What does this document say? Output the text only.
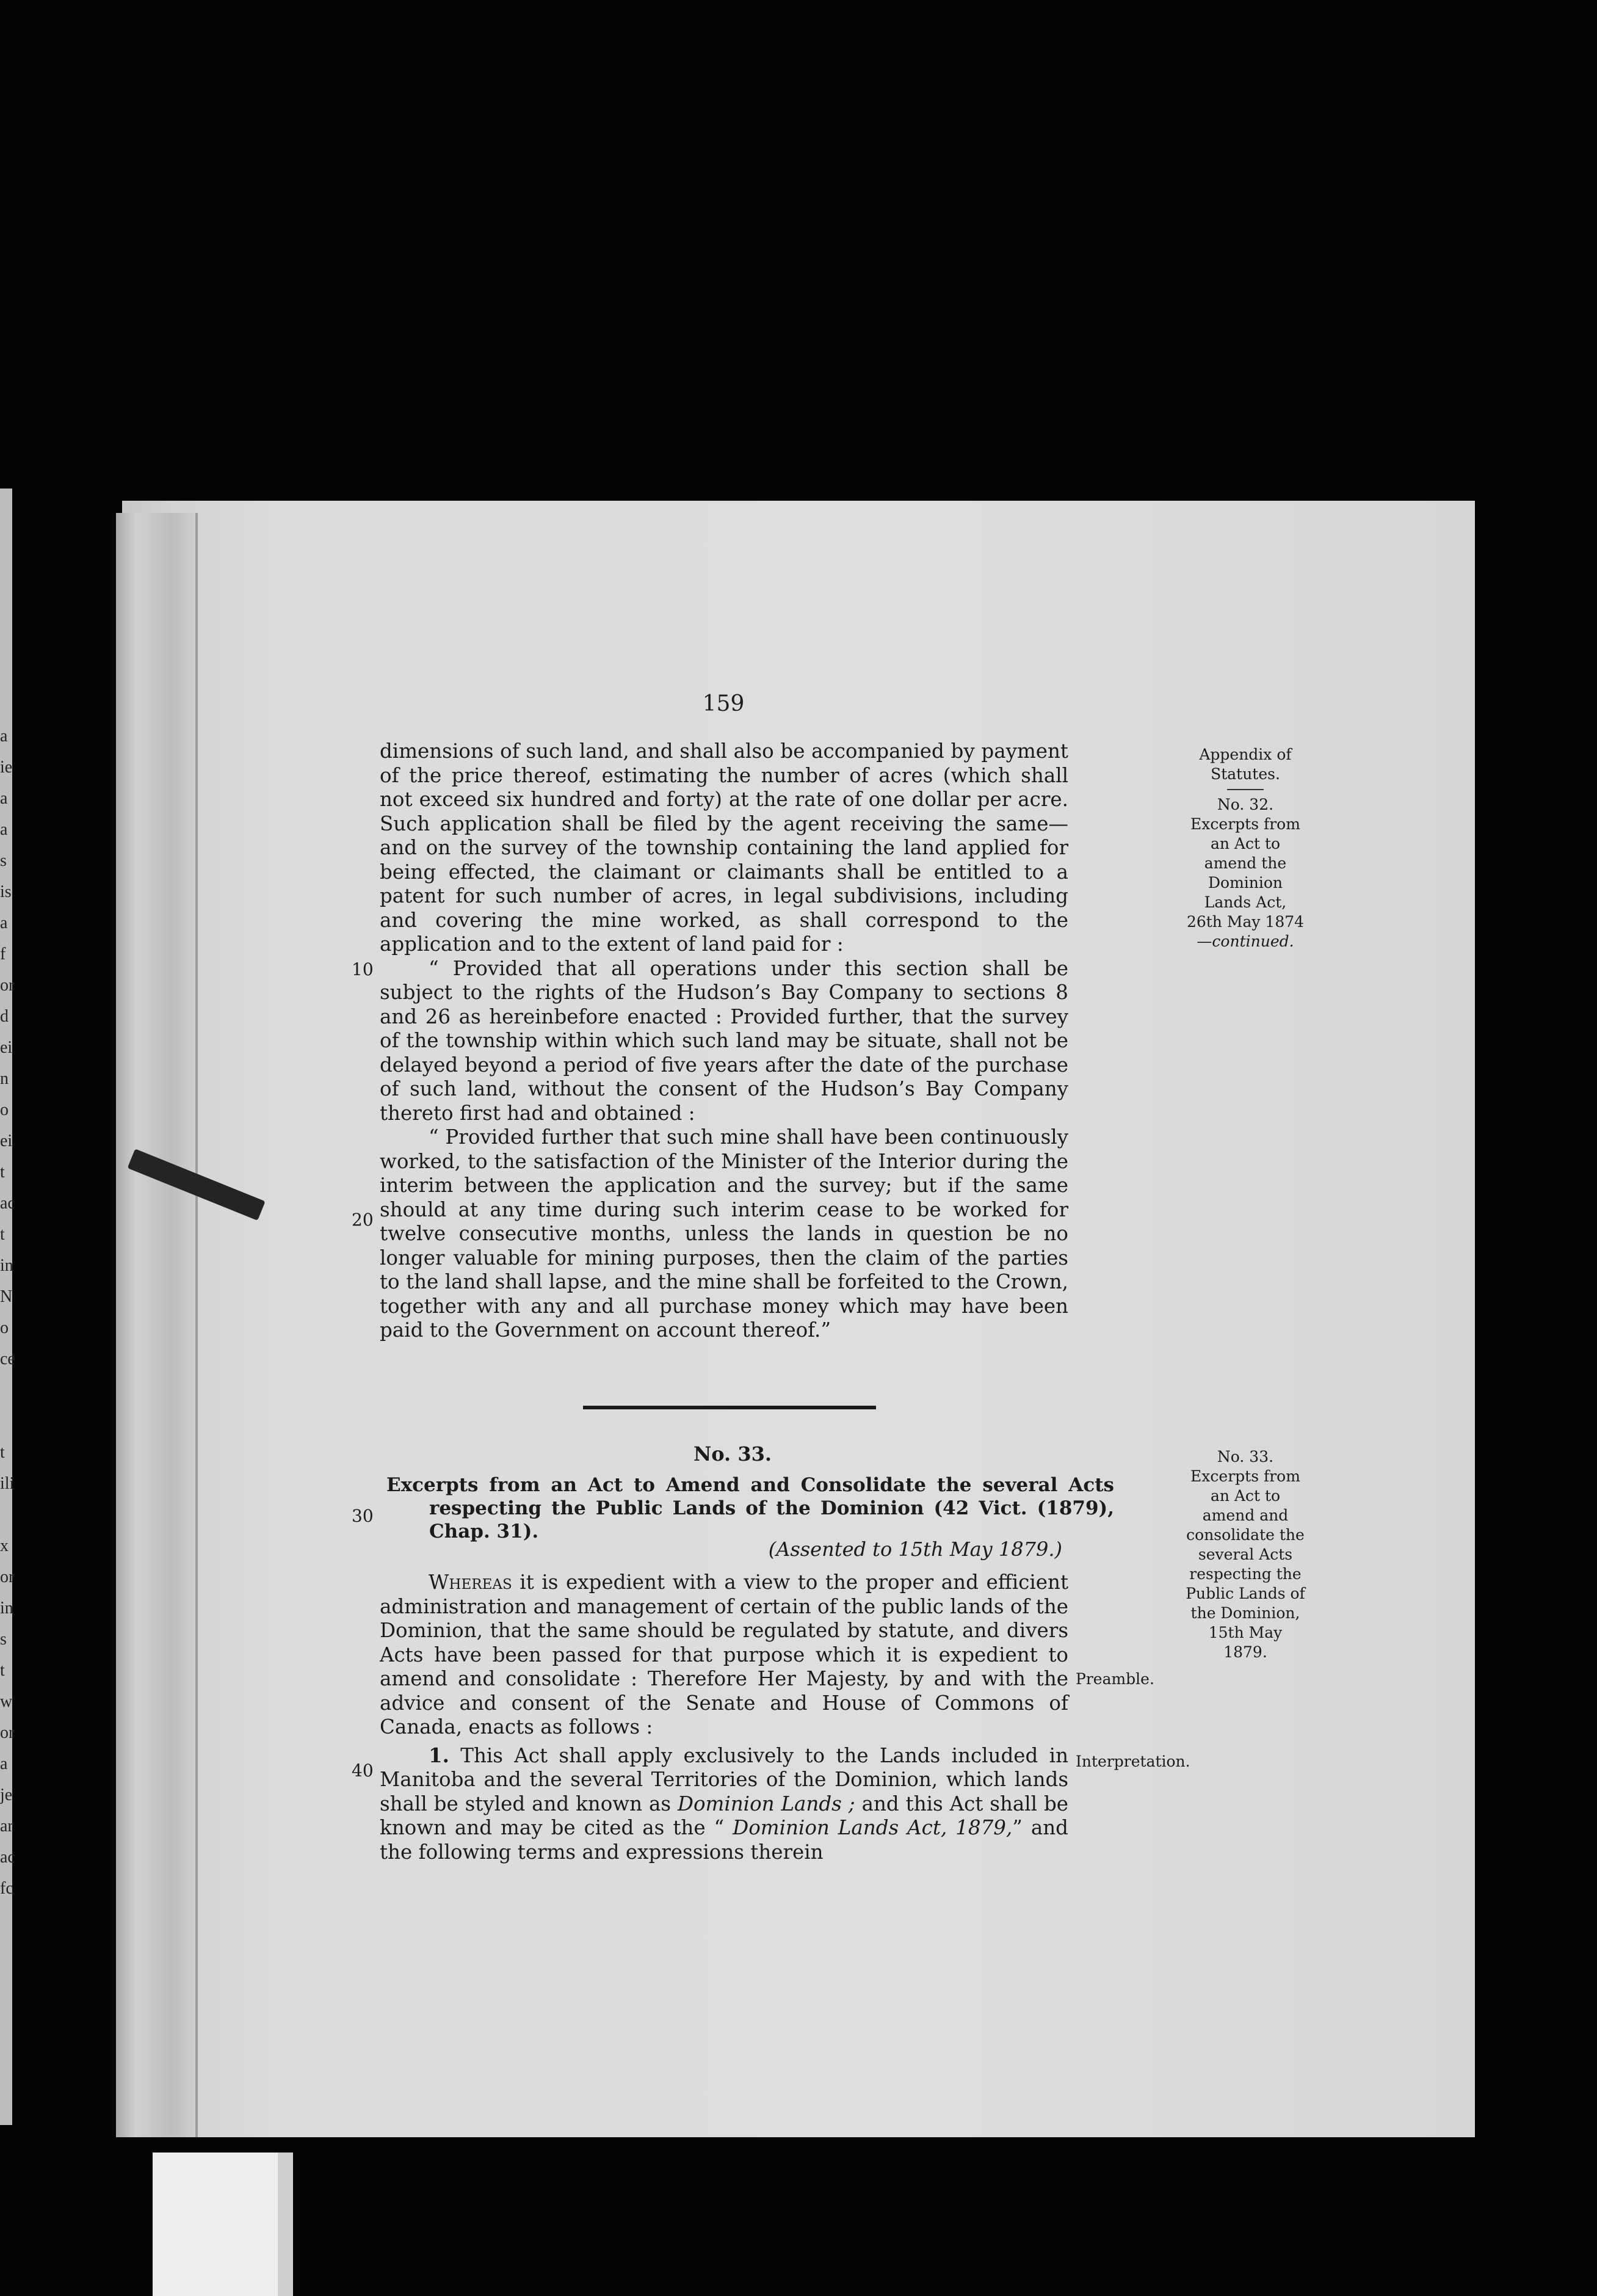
a
ie
a
a
s
is
a
f
or
d
ei
n
o
ei
t
ac
t
in
N
o
ce

t
ili

x
or
in
s
t
w
or
a
je
ar
ac
fc
159
10
20
30
40

dimensions of such land, and shall also be accompanied by payment of the price thereof, estimating the number of acres (which shall not exceed six hundred and forty) at the rate of one dollar per acre. Such application shall be filed by the agent receiving the same—and on the survey of the township containing the land applied for being effected, the claimant or claimants shall be entitled to a patent for such number of acres, in legal subdivisions, including and covering the mine worked, as shall correspond to the application and to the extent of land paid for :

“ Provided that all operations under this section shall be subject to the rights of the Hudson’s Bay Company to sections 8 and 26 as hereinbefore enacted : Provided further, that the survey of the township within which such land may be situate, shall not be delayed beyond a period of five years after the date of the purchase of such land, without the consent of the Hudson’s Bay Company thereto first had and obtained :

“ Provided further that such mine shall have been continuously worked, to the satisfaction of the Minister of the Interior during the interim between the application and the survey; but if the same should at any time during such interim cease to be worked for twelve consecutive months, unless the lands in question be no longer valuable for mining purposes, then the claim of the parties to the land shall lapse, and the mine shall be forfeited to the Crown, together with any and all purchase money which may have been paid to the Government on account thereof.”

No. 33.
Excerpts from an Act to Amend and Consolidate the several Acts respecting the Public Lands of the Dominion (42 Vict. (1879), Chap. 31).
(Assented to 15th May 1879.)

Whereas it is expedient with a view to the proper and efficient administration and management of certain of the public lands of the Dominion, that the same should be regulated by statute, and divers Acts have been passed for that purpose which it is expedient to amend and consolidate : Therefore Her Majesty, by and with the advice and consent of the Senate and House of Commons of Canada, enacts as follows :

1. This Act shall apply exclusively to the Lands included in Manitoba and the several Territories of the Dominion, which lands shall be styled and known as Dominion Lands ; and this Act shall be known and may be cited as the “ Dominion Lands Act, 1879,” and the following terms and expressions therein

Appendix of Statutes.
No. 32.
Excerpts from an Act to amend the Dominion Lands Act, 26th May 1874—continued.
No. 33.
Excerpts from an Act to amend and consolidate the several Acts respecting the Public Lands of the Dominion, 15th May 1879.
Preamble.
Interpretation.
